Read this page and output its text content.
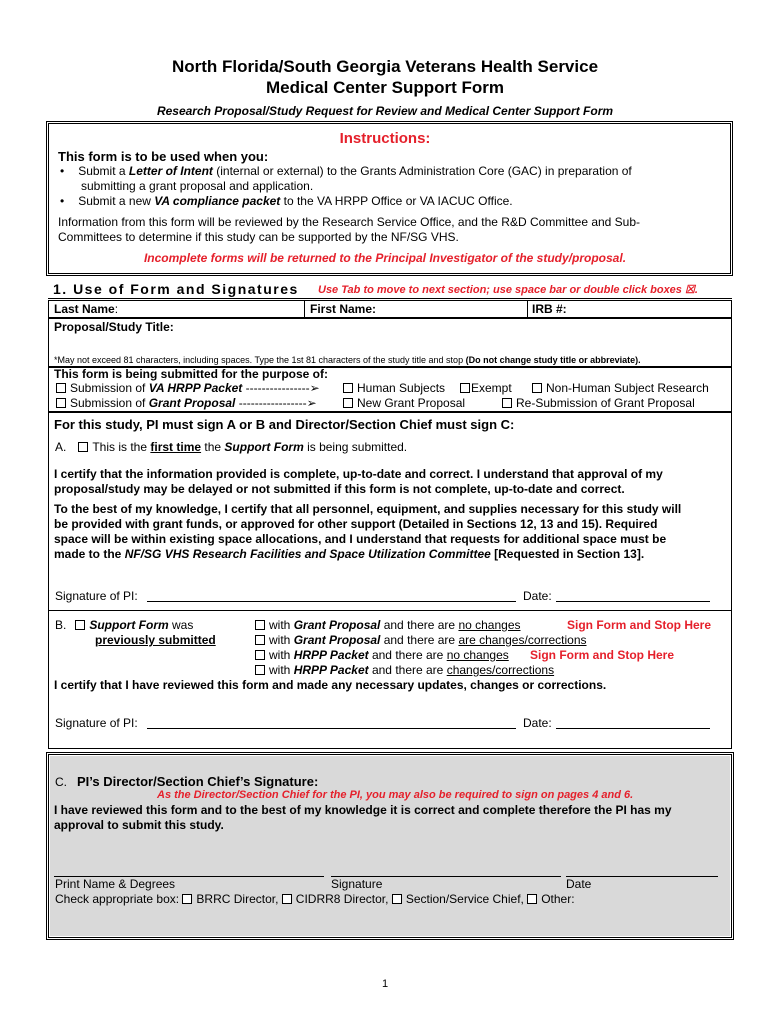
North Florida/South Georgia Veterans Health Service
Medical Center Support Form
Research Proposal/Study Request for Review and Medical Center Support Form
Instructions:
This form is to be used when you:
• Submit a Letter of Intent (internal or external) to the Grants Administration Core (GAC) in preparation of
submitting a grant proposal and application.
• Submit a new VA compliance packet to the VA HRPP Office or VA IACUC Office.
Information from this form will be reviewed by the Research Service Office, and the R&D Committee and Sub-
Committees to determine if this study can be supported by the NF/SG VHS.
Incomplete forms will be returned to the Principal Investigator of the study/proposal.
1. Use of Form and Signatures Use Tab to move to next section; use space bar or double click boxes ☒.
Last Name:	First Name:	IRB #:
Proposal/Study Title:
*May not exceed 81 characters, including spaces. Type the 1st 81 characters of the study title and stop (Do not change study title or abbreviate).
This form is being submitted for the purpose of:
Submission of VA HRPP Packet ----------------➢	Human Subjects	Exempt	Non-Human Subject Research
Submission of Grant Proposal -----------------➢	New Grant Proposal	Re-Submission of Grant Proposal
For this study, PI must sign A or B and Director/Section Chief must sign C:
A. This is the first time the Support Form is being submitted.
I certify that the information provided is complete, up-to-date and correct. I understand that approval of my
proposal/study may be delayed or not submitted if this form is not complete, up-to-date and correct.
To the best of my knowledge, I certify that all personnel, equipment, and supplies necessary for this study will
be provided with grant funds, or approved for other support (Detailed in Sections 12, 13 and 15). Required
space will be within existing space allocations, and I understand that requests for additional space must be
made to the NF/SG VHS Research Facilities and Space Utilization Committee [Requested in Section 13].
Signature of PI:	Date:
B. Support Form was
previously submitted
with Grant Proposal and there are no changes	Sign Form and Stop Here
with Grant Proposal and there are are changes/corrections
with HRPP Packet and there are no changes Sign Form and Stop Here
with HRPP Packet and there are changes/corrections
I certify that I have reviewed this form and made any necessary updates, changes or corrections.
Signature of PI:	Date:
C. PI’s Director/Section Chief’s Signature:
As the Director/Section Chief for the PI, you may also be required to sign on pages 4 and 6.
I have reviewed this form and to the best of my knowledge it is correct and complete therefore the PI has my
approval to submit this study.
Print Name & Degrees	Signature	Date
Check appropriate box: BRRC Director, CIDRR8 Director, Section/Service Chief, Other:
1
